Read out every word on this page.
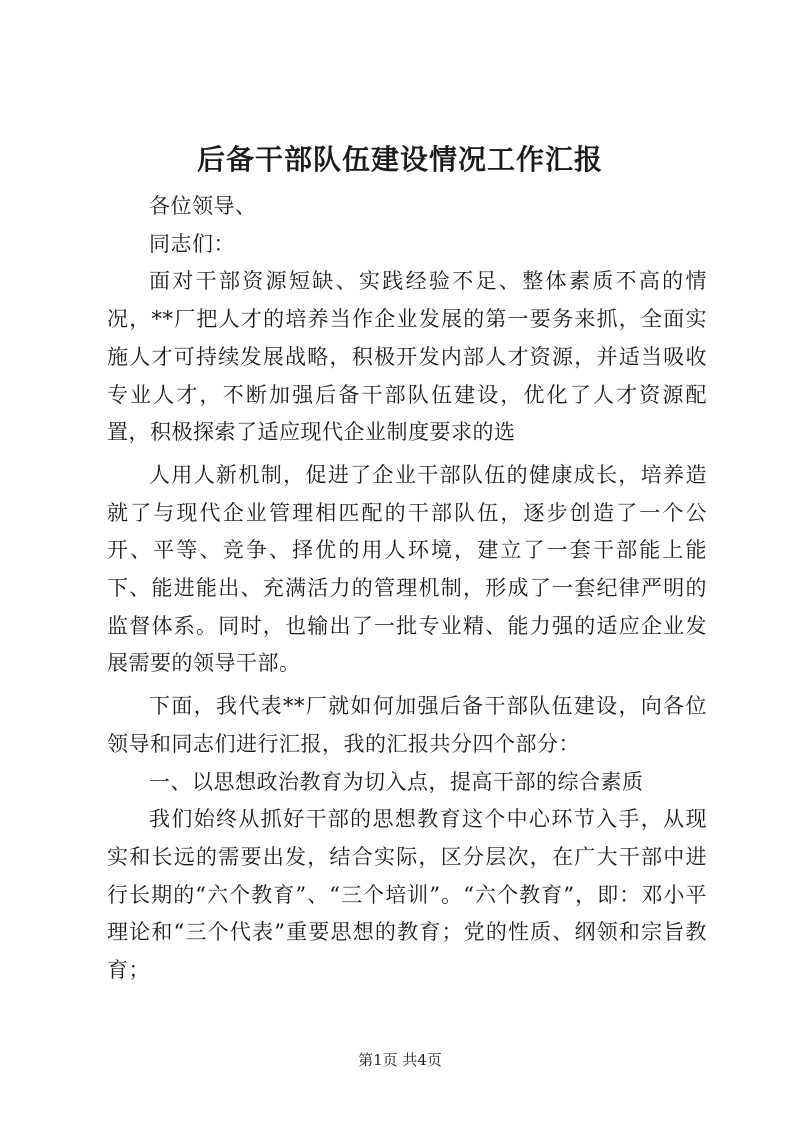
后备干部队伍建设情况工作汇报

各位领导、

同志们：

面对干部资源短缺、实践经验不足、整体素质不高的情况，**厂把人才的培养当作企业发展的第一要务来抓，全面实施人才可持续发展战略，积极开发内部人才资源，并适当吸收专业人才，不断加强后备干部队伍建设，优化了人才资源配置，积极探索了适应现代企业制度要求的选

人用人新机制，促进了企业干部队伍的健康成长，培养造就了与现代企业管理相匹配的干部队伍，逐步创造了一个公开、平等、竞争、择优的用人环境，建立了一套干部能上能下、能进能出、充满活力的管理机制，形成了一套纪律严明的监督体系。同时，也输出了一批专业精、能力强的适应企业发展需要的领导干部。

下面，我代表**厂就如何加强后备干部队伍建设，向各位领导和同志们进行汇报，我的汇报共分四个部分：

一、以思想政治教育为切入点，提高干部的综合素质

我们始终从抓好干部的思想教育这个中心环节入手，从现实和长远的需要出发，结合实际，区分层次，在广大干部中进行长期的“六个教育”、“三个培训”。“六个教育”，即：邓小平理论和“三个代表”重要思想的教育；党的性质、纲领和宗旨教育；

第1页 共4页
